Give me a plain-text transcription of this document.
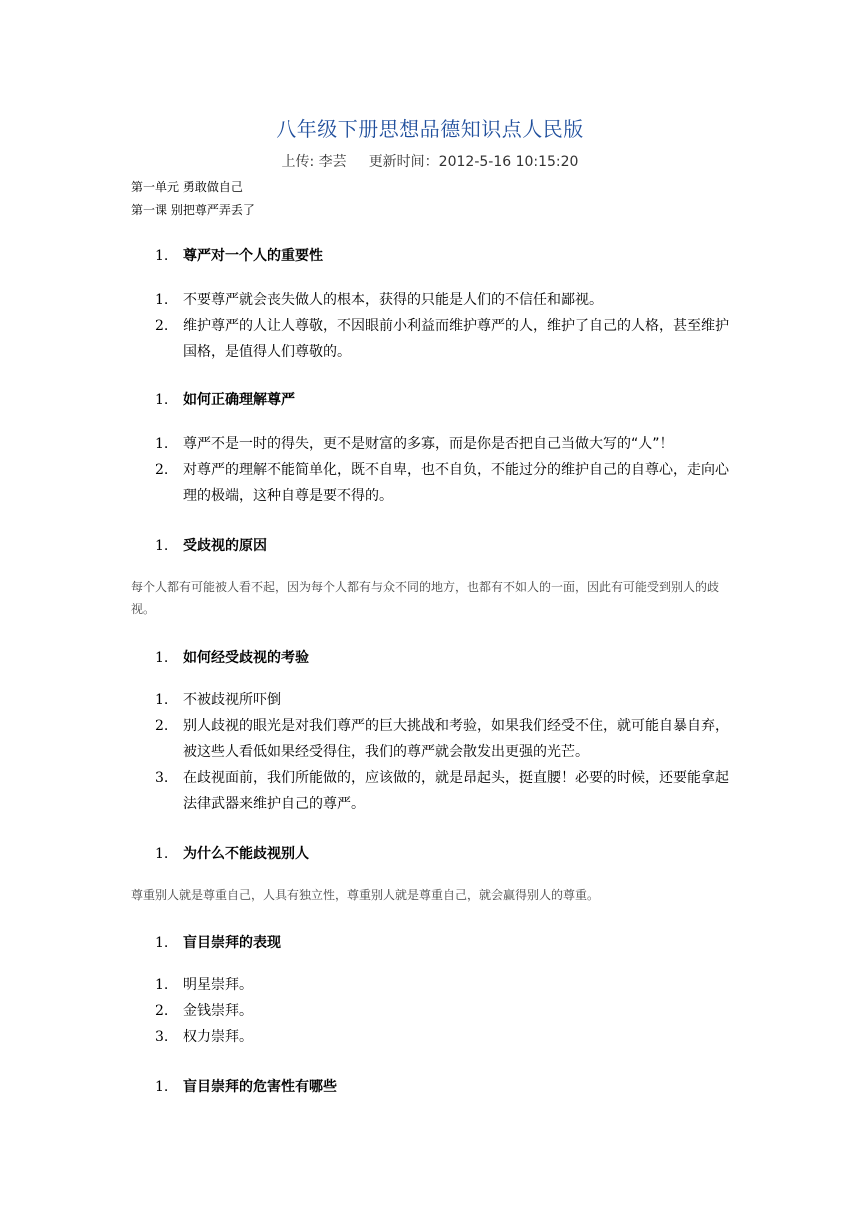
八年级下册思想品德知识点人民版
上传: 李芸 更新时间：2012-5-16 10:15:20
第一单元 勇敢做自己
第一课 别把尊严弄丢了
1. 尊严对一个人的重要性
1.	不要尊严就会丧失做人的根本，获得的只能是人们的不信任和鄙视。
2.	维护尊严的人让人尊敬，不因眼前小利益而维护尊严的人，维护了自己的人格，甚至维护国格，是值得人们尊敬的。
1. 如何正确理解尊严
1.	尊严不是一时的得失，更不是财富的多寡，而是你是否把自己当做大写的“人”！
2.	对尊严的理解不能简单化，既不自卑，也不自负，不能过分的维护自己的自尊心，走向心理的极端，这种自尊是要不得的。
1. 受歧视的原因
每个人都有可能被人看不起，因为每个人都有与众不同的地方，也都有不如人的一面，因此有可能受到别人的歧视。
1. 如何经受歧视的考验
1.	不被歧视所吓倒
2.	别人歧视的眼光是对我们尊严的巨大挑战和考验，如果我们经受不住，就可能自暴自弃，被这些人看低如果经受得住，我们的尊严就会散发出更强的光芒。
3.	在歧视面前，我们所能做的，应该做的，就是昂起头，挺直腰！必要的时候，还要能拿起法律武器来维护自己的尊严。
1. 为什么不能歧视别人
尊重别人就是尊重自己，人具有独立性，尊重别人就是尊重自己，就会赢得别人的尊重。
1. 盲目崇拜的表现
1.	明星崇拜。
2.	金钱崇拜。
3.	权力崇拜。
1. 盲目崇拜的危害性有哪些
